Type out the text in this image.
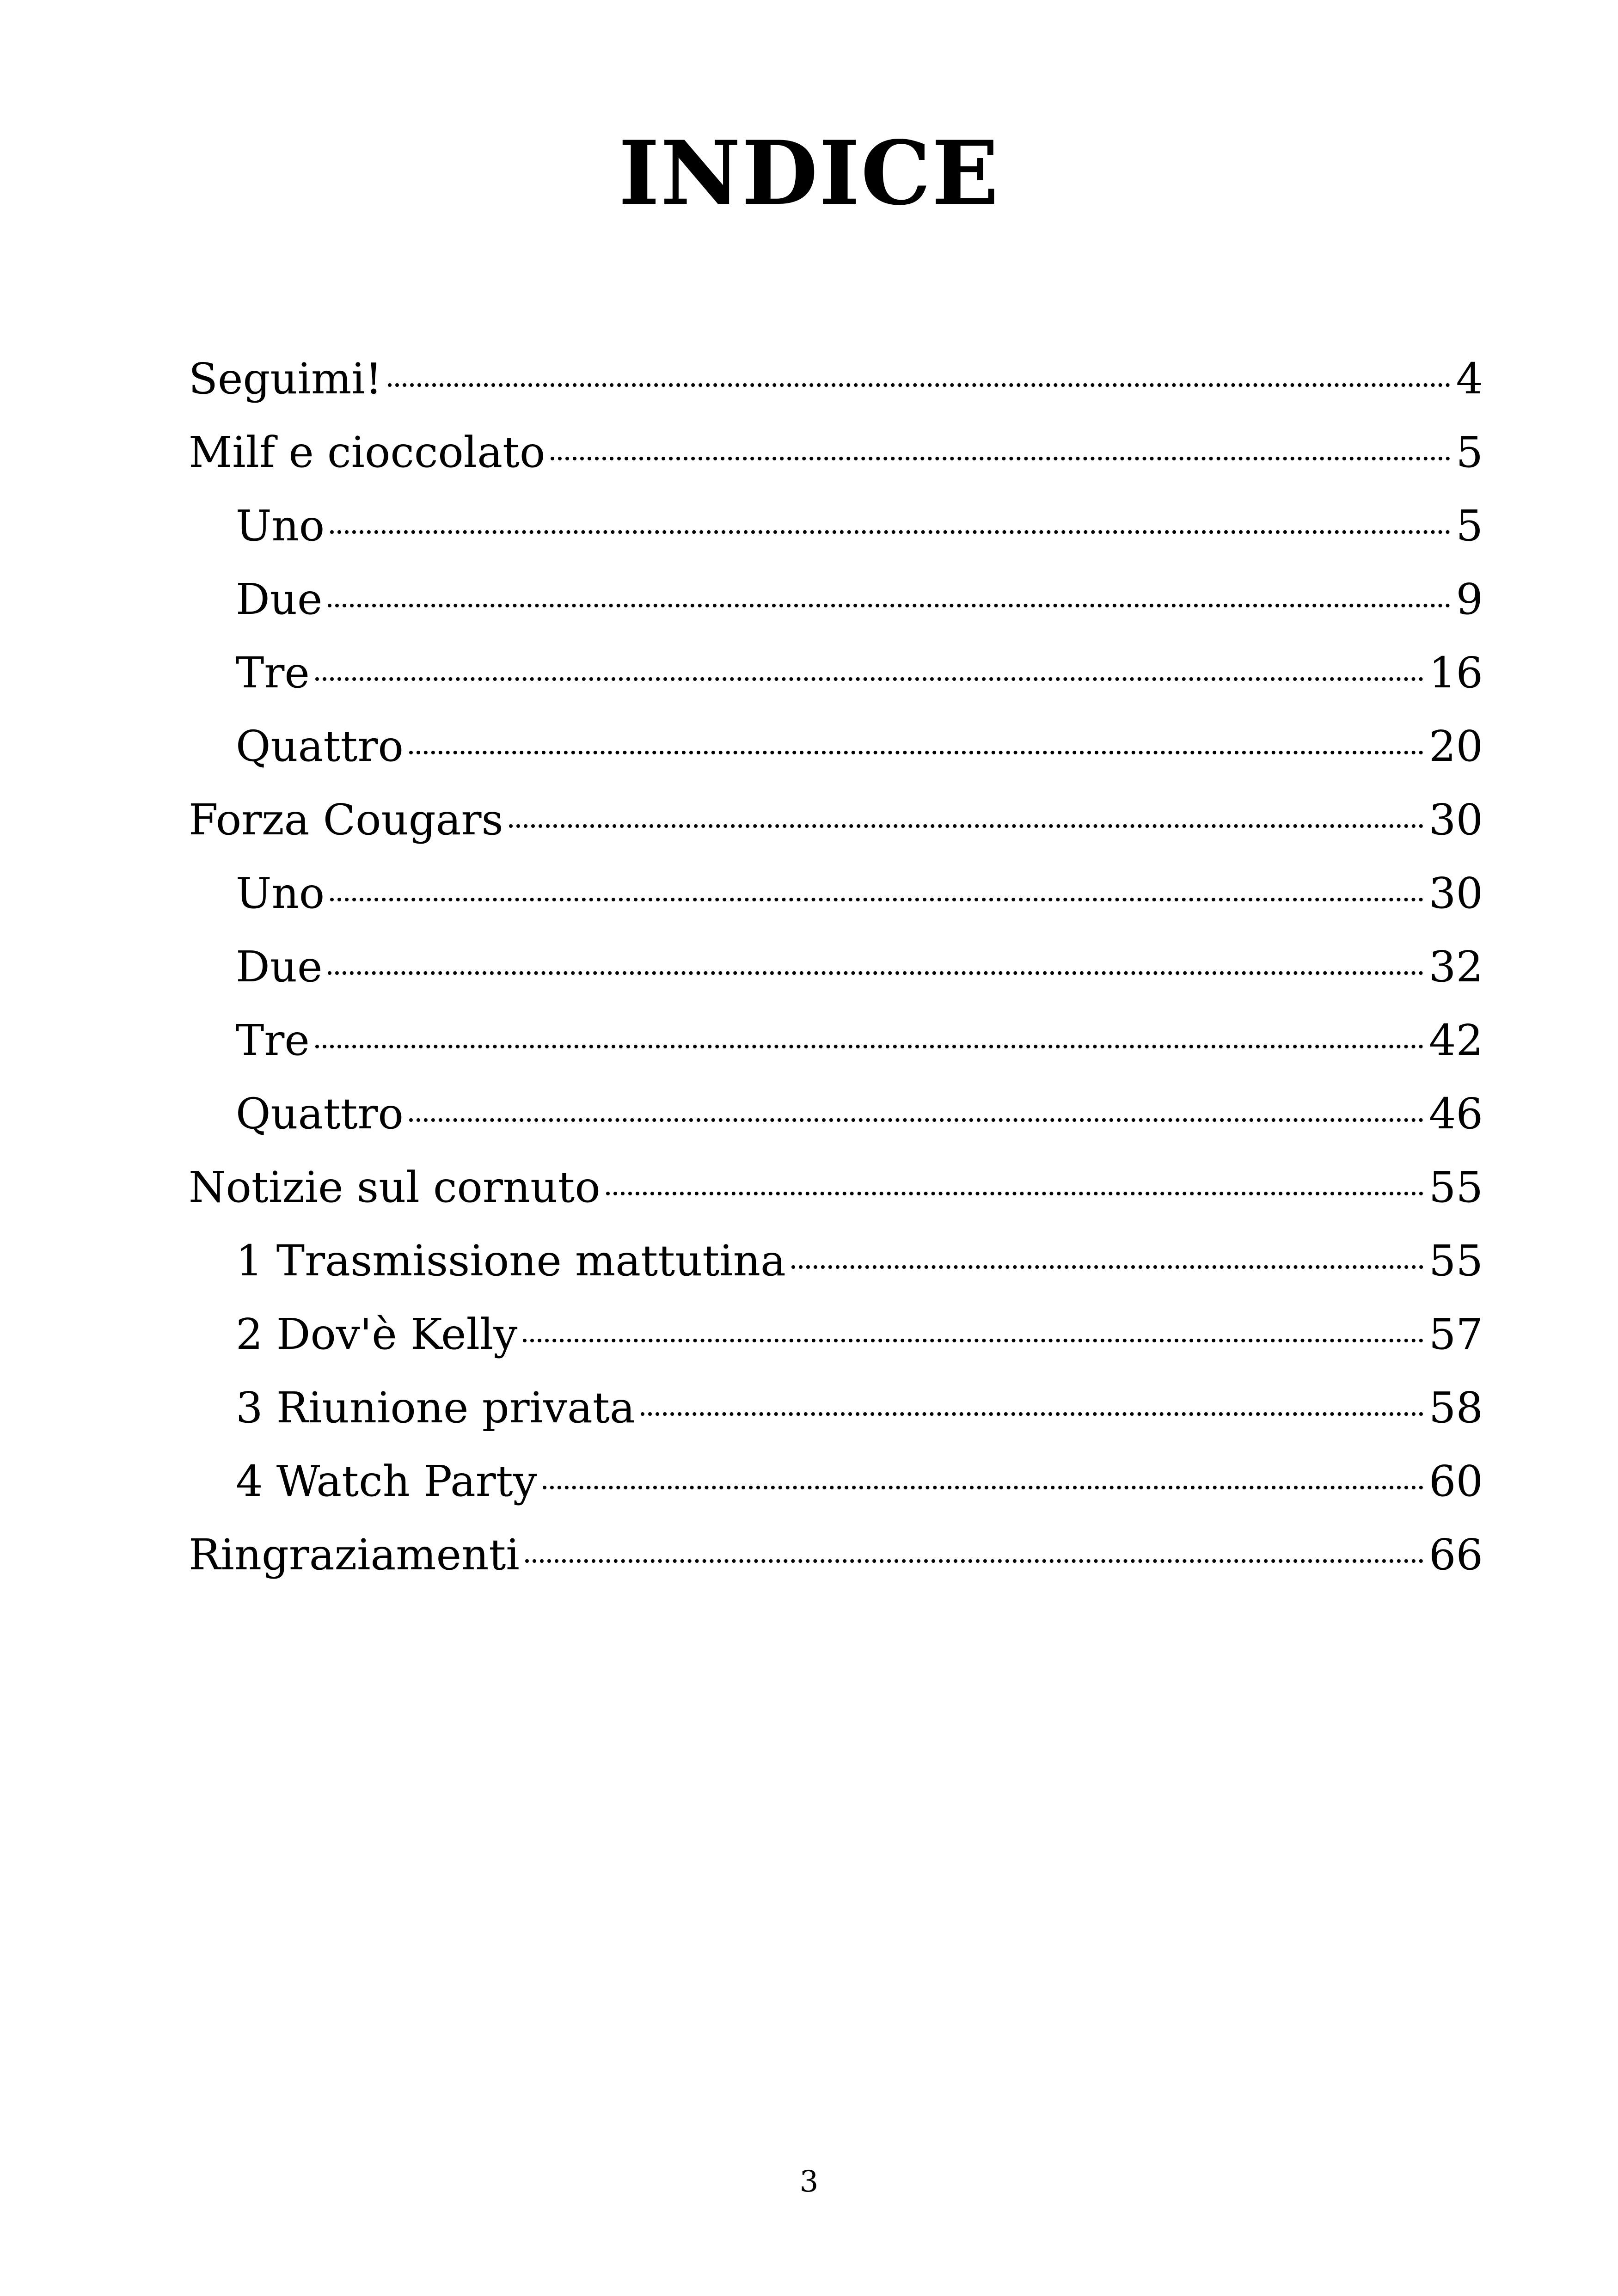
INDICE
Seguimi!	4
Milf e cioccolato	5
Uno	5
Due	9
Tre	16
Quattro	20
Forza Cougars	30
Uno	30
Due	32
Tre	42
Quattro	46
Notizie sul cornuto	55
1 Trasmissione mattutina	55
2 Dov'è Kelly	57
3 Riunione privata	58
4 Watch Party	60
Ringraziamenti	66
3
